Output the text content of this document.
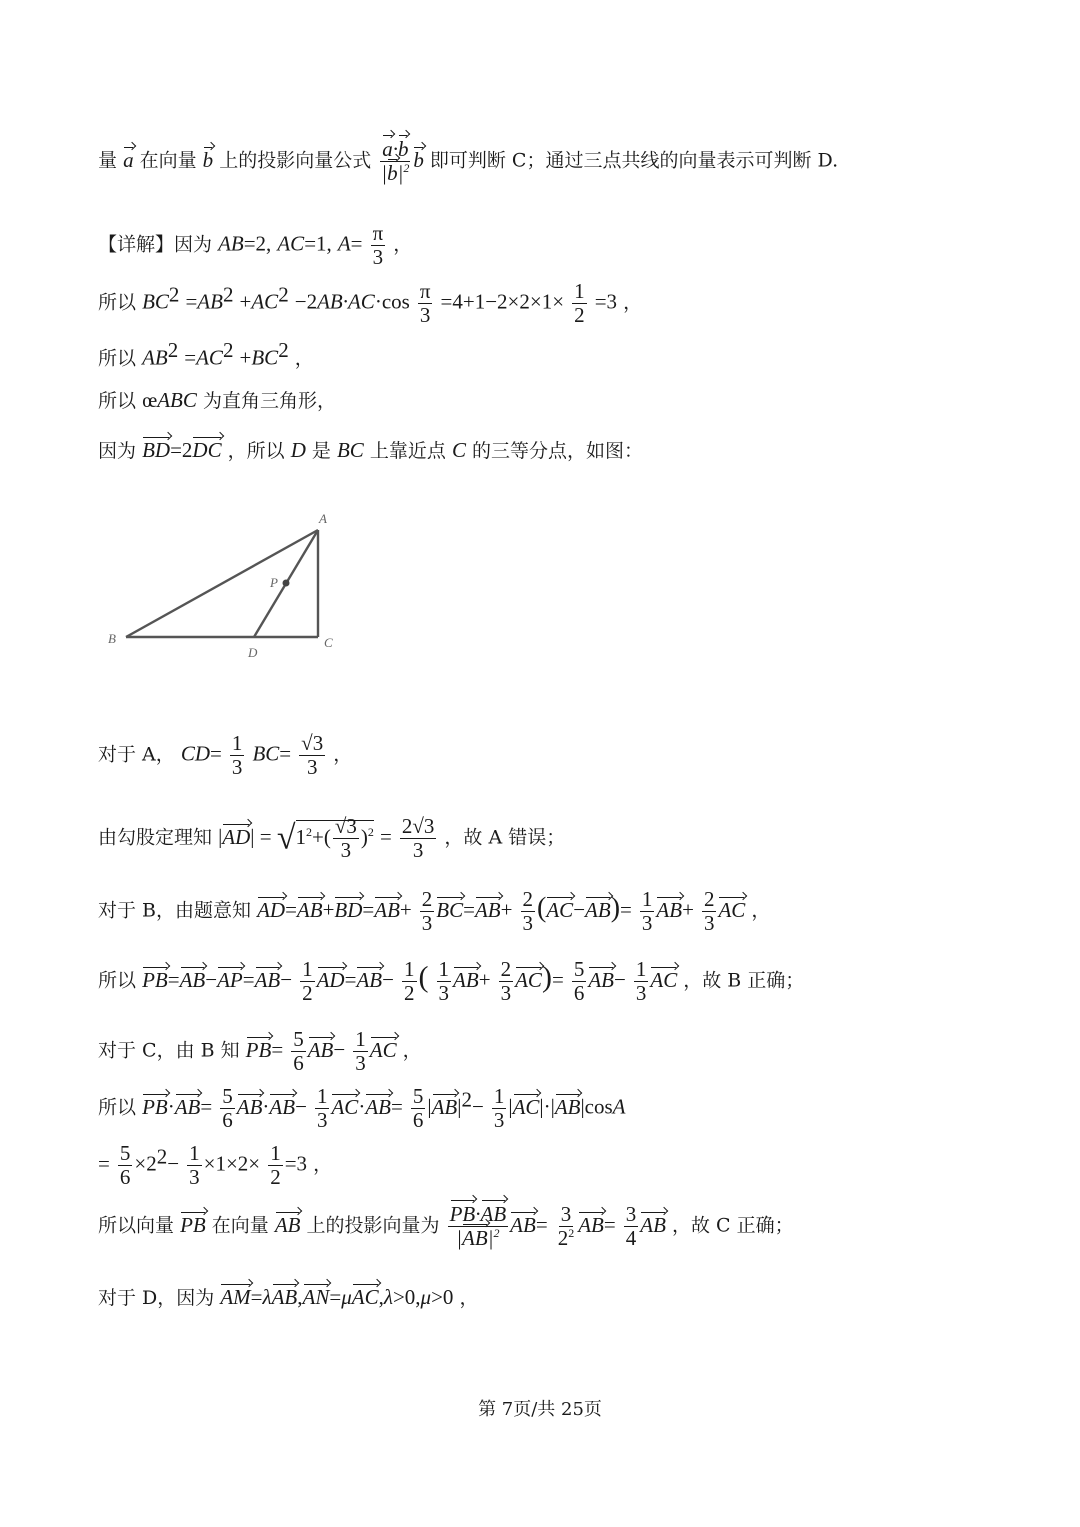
量 a 在向量 b 上的投影向量公式 $\frac{a\cdot b}{|b|^2}$ b 即可判断 C；通过三点共线的向量表示可判断 D.
【详解】因为 AB=2, AC=1, $A= \frac{\pi}{3}$ ，
所以 $BC^2 =AB^2 +AC^2 -2AB\cdot AC\cdot\cos \frac{\pi}{3} =4+1-2\times 2\times 1\times \frac{1}{2} =3$ ，
所以 $AB^2 =AC^2 +BC^2$ ，
所以 œABC 为直角三角形，
因为 BD=2DC ，所以 D 是 BC 上靠近点 C 的三等分点，如图：
A
P
B
D
C
对于 A， $CD= \frac{1}{3} BC= \frac{√3}{3}$ ，
由勾股定理知 $|AD| = √1^2+( \frac{√3}{3} )^2 = \frac{2√3}{3}$ ，故 A 错误；
对于 B，由题意知 $AD=AB+BD=AB+ \frac{2}{3} BC=AB+ \frac{2}{3} (AC-AB)= \frac{1}{3} AB+ \frac{2}{3}$ AC ，
所以 $PB=AB-AP=AB- \frac{1}{2} AD=AB- \frac{1}{2}$ ( $\frac{1}{3} AB+ \frac{2}{3} AC)= \frac{5}{6} AB- \frac{1}{3}$ AC ，故 B 正确；
对于 C，由 B 知 $PB= \frac{5}{6} AB- \frac{1}{3}$ AC ，
所以 $PB\cdot AB= \frac{5}{6} AB\cdot AB- \frac{1}{3} AC\cdot AB= \frac{5}{6} |AB|^2- \frac{1}{3} |AC|\cdot|AB|\cos A$
= $\frac{5}{6} \times 2^2- \frac{1}{3} \times 1\times 2\times \frac{1}{2} =3$ ，
所以向量 PB 在向量 AB 上的投影向量为 $\frac{PB\cdot AB}{|AB|^2} AB= \frac{3}{2^2} AB= \frac{3}{4}$ AB ，故 C 正确；
对于 D，因为 AM=λAB,AN=μAC,λ>0,μ>0 ，
第 7页/共 25页
